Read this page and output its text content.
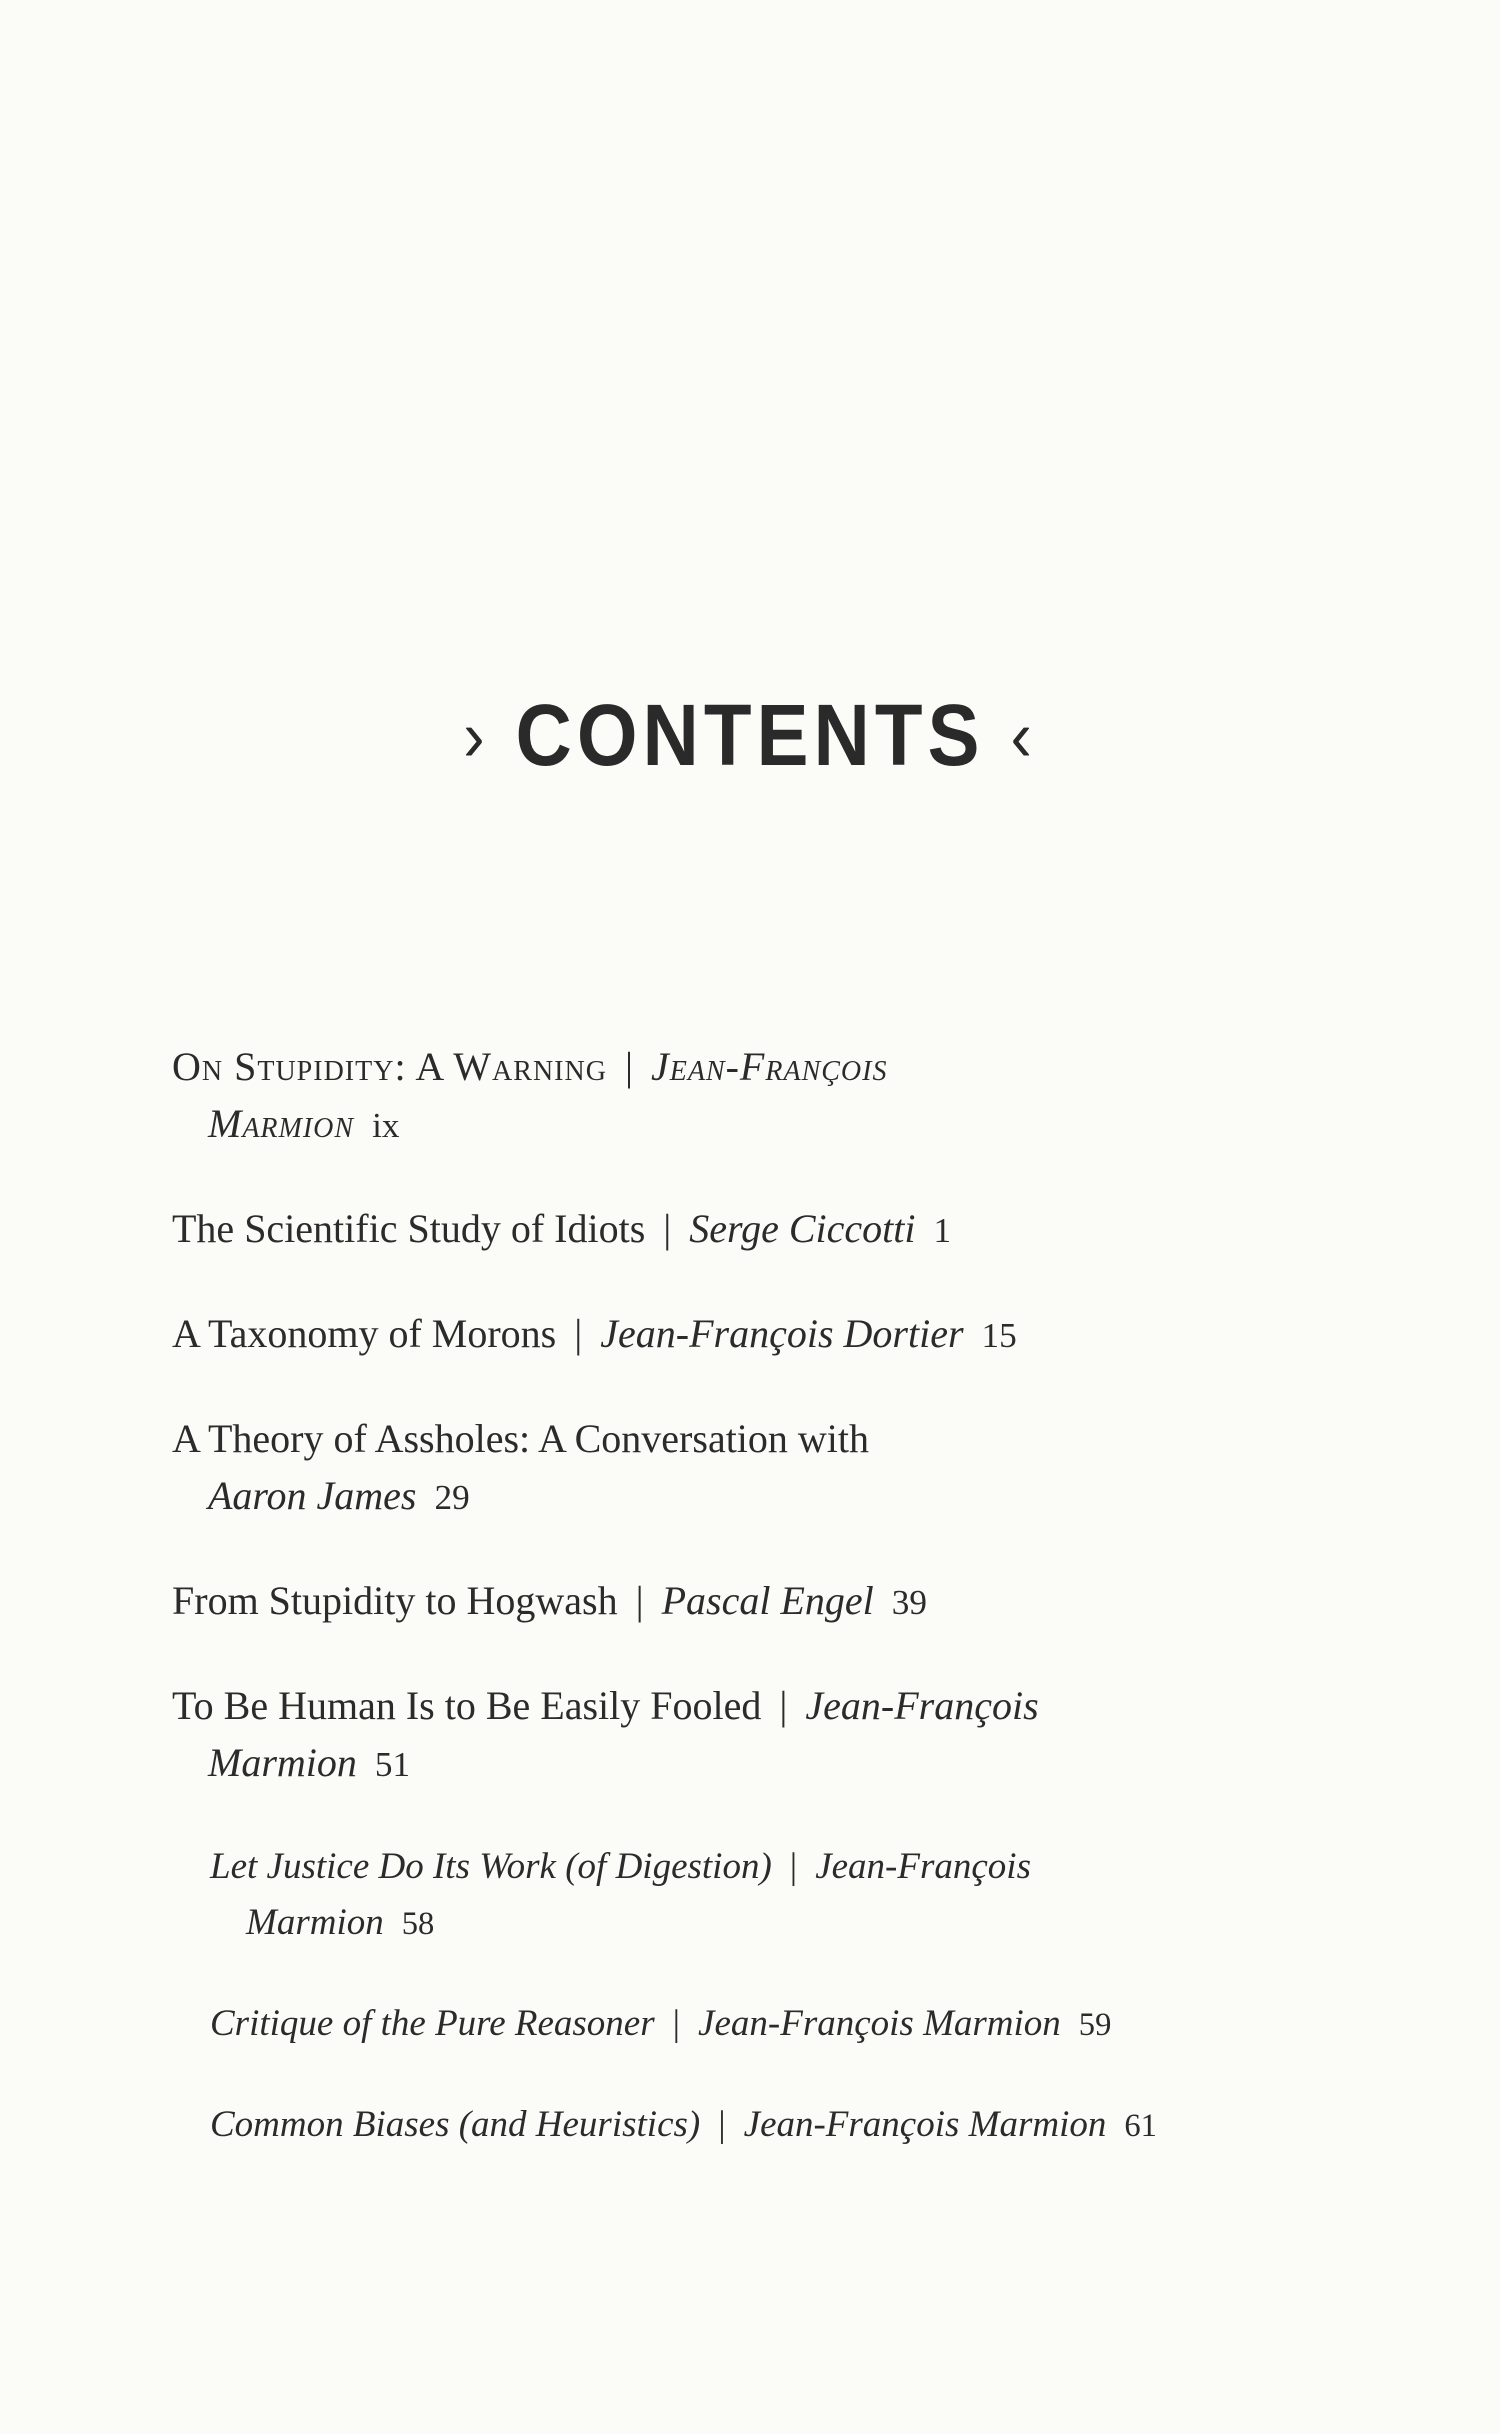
› CONTENTS ‹
On Stupidity: A Warning | Jean-François
Marmion ix
The Scientific Study of Idiots | Serge Ciccotti 1
A Taxonomy of Morons | Jean-François Dortier 15
A Theory of Assholes: A Conversation with
Aaron James 29
From Stupidity to Hogwash | Pascal Engel 39
To Be Human Is to Be Easily Fooled | Jean-François
Marmion 51
Let Justice Do Its Work (of Digestion) | Jean-François
Marmion 58
Critique of the Pure Reasoner | Jean-François Marmion 59
Common Biases (and Heuristics) | Jean-François Marmion 61
